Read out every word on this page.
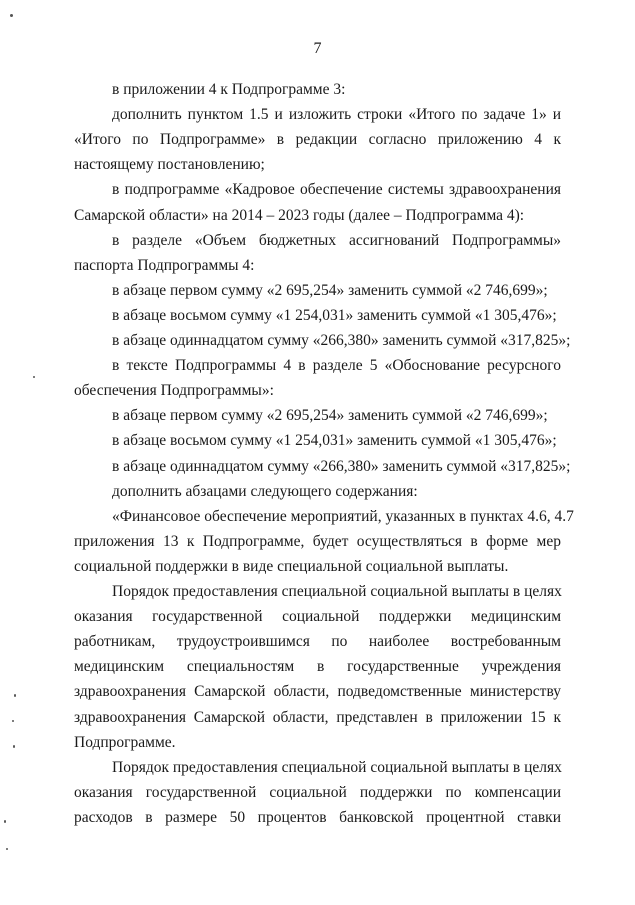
7
в приложении 4 к Подпрограмме 3:
дополнить пунктом 1.5 и изложить строки «Итого по задаче 1» и
«Итого по Подпрограмме» в редакции согласно приложению 4 к
настоящему постановлению;
в подпрограмме «Кадровое обеспечение системы здравоохранения
Самарской области» на 2014 – 2023 годы (далее – Подпрограмма 4):
в разделе «Объем бюджетных ассигнований Подпрограммы»
паспорта Подпрограммы 4:
в абзаце первом сумму «2 695,254» заменить суммой «2 746,699»;
в абзаце восьмом сумму «1 254,031» заменить суммой «1 305,476»;
в абзаце одиннадцатом сумму «266,380» заменить суммой «317,825»;
в тексте Подпрограммы 4 в разделе 5 «Обоснование ресурсного
обеспечения Подпрограммы»:
в абзаце первом сумму «2 695,254» заменить суммой «2 746,699»;
в абзаце восьмом сумму «1 254,031» заменить суммой «1 305,476»;
в абзаце одиннадцатом сумму «266,380» заменить суммой «317,825»;
дополнить абзацами следующего содержания:
«Финансовое обеспечение мероприятий, указанных в пунктах 4.6, 4.7
приложения 13 к Подпрограмме, будет осуществляться в форме мер
социальной поддержки в виде специальной социальной выплаты.
Порядок предоставления специальной социальной выплаты в целях
оказания государственной социальной поддержки медицинским
работникам, трудоустроившимся по наиболее востребованным
медицинским специальностям в государственные учреждения
здравоохранения Самарской области, подведомственные министерству
здравоохранения Самарской области, представлен в приложении 15 к
Подпрограмме.
Порядок предоставления специальной социальной выплаты в целях
оказания государственной социальной поддержки по компенсации
расходов в размере 50 процентов банковской процентной ставки
